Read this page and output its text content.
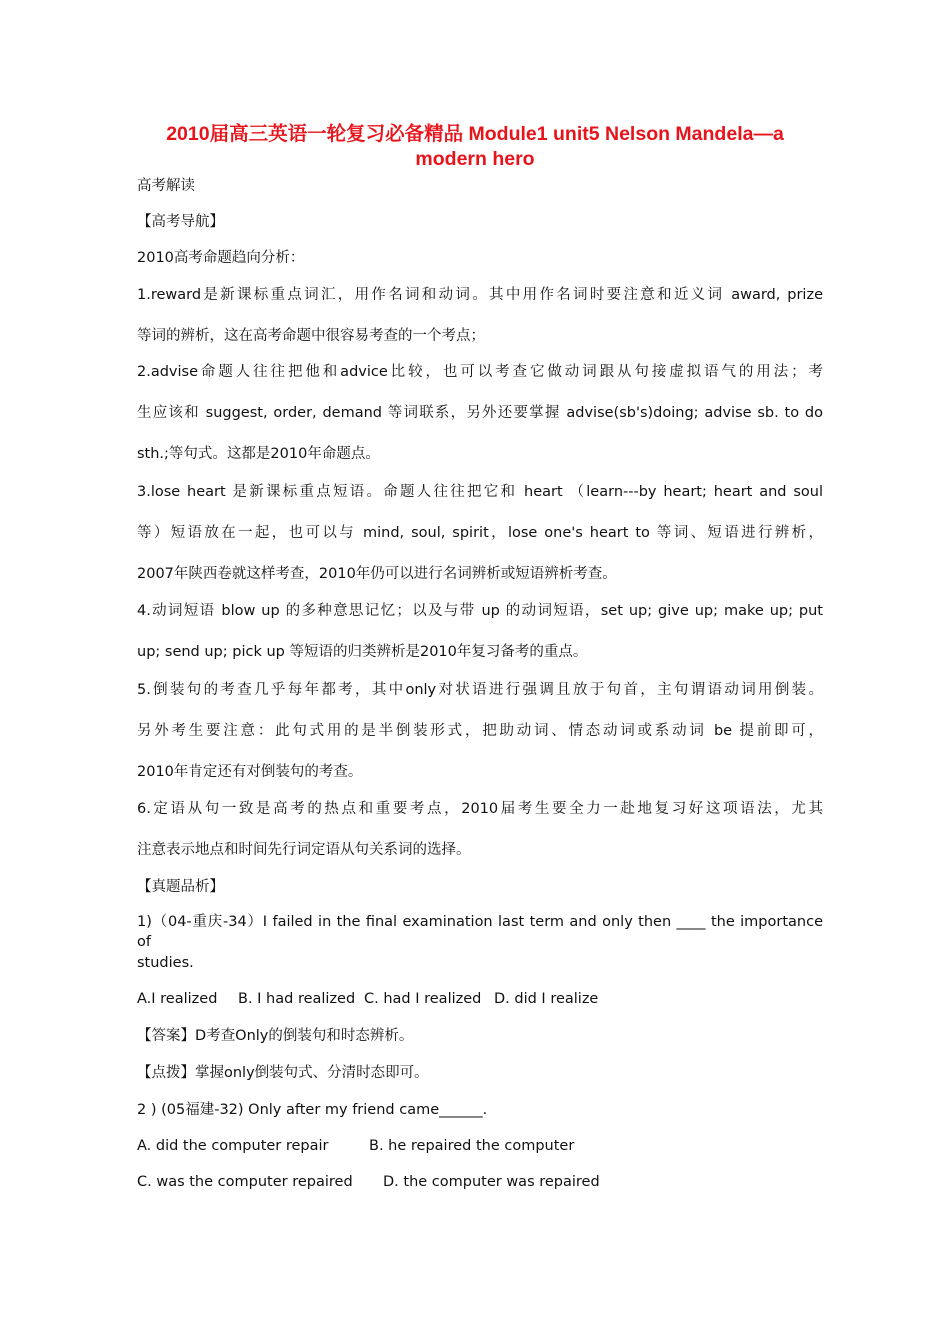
2010届高三英语一轮复习必备精品 Module1 unit5 Nelson Mandela—a
modern hero
高考解读
【高考导航】
2010高考命题趋向分析：
1.reward是新课标重点词汇，用作名词和动词。其中用作名词时要注意和近义词 award, prize
等词的辨析，这在高考命题中很容易考查的一个考点；
2.advise命题人往往把他和advice比较，也可以考查它做动词跟从句接虚拟语气的用法；考
生应该和 suggest, order, demand 等词联系，另外还要掌握 advise(sb's)doing; advise sb. to do
sth.;等句式。这都是2010年命题点。
3.lose heart 是新课标重点短语。命题人往往把它和 heart （learn---by heart; heart and soul
等）短语放在一起，也可以与 mind, soul, spirit，lose one's heart to 等词、短语进行辨析，
2007年陕西卷就这样考查，2010年仍可以进行名词辨析或短语辨析考查。
4.动词短语 blow up 的多种意思记忆；以及与带 up 的动词短语，set up; give up; make up; put
up; send up; pick up 等短语的归类辨析是2010年复习备考的重点。
5.倒装句的考查几乎每年都考，其中only对状语进行强调且放于句首，主句谓语动词用倒装。
另外考生要注意：此句式用的是半倒装形式，把助动词、情态动词或系动词 be 提前即可，
2010年肯定还有对倒装句的考查。
6.定语从句一致是高考的热点和重要考点，2010届考生要全力一赴地复习好这项语法，尤其
注意表示地点和时间先行词定语从句关系词的选择。
【真题品析】
1)（04-重庆-34）I failed in the final examination last term and only then ____ the importance of
studies.
A.I realized B. I had realized C. had I realized D. did I realize
【答案】D考查Only的倒装句和时态辨析。
【点拨】掌握only倒装句式、分清时态即可。
2 ) (05福建-32) Only after my friend came______.
A. did the computer repair	B. he repaired the computer
C. was the computer repaired D. the computer was repaired
